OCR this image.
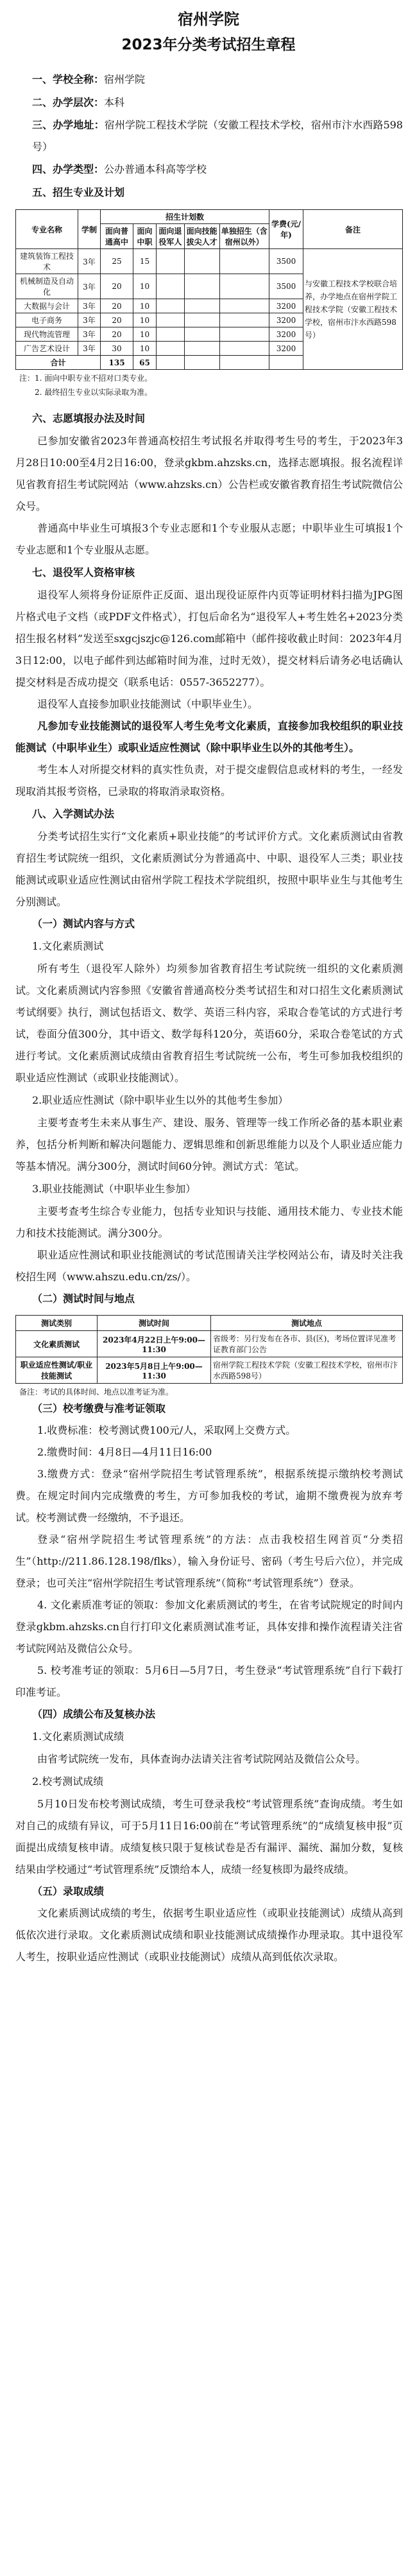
宿州学院
2023年分类考试招生章程
一、学校全称：宿州学院
二、办学层次：本科
三、办学地址：宿州学院工程技术学院（安徽工程技术学校，宿州市汴水西路598号）
四、办学类型：公办普通本科高等学校
五、招生专业及计划
专业名称	学制	招生计划数					学费(元/年)	备注
		面向普通高中	面向中职	面向退役军人	面向技能拔尖人才	单独招生（含宿州以外）		
建筑装饰工程技术	3年	25	15				3500	与安徽工程技术学校联合培养，办学地点在宿州学院工程技术学院（安徽工程技术学校，宿州市汴水西路598号）
机械制造及自动化	3年	20	10				3500	
大数据与会计	3年	20	10				3200	
电子商务	3年	20	10				3200	
现代物流管理	3年	20	10				3200	
广告艺术设计	3年	30	10				3200	
合计		135	65					
注：1. 面向中职专业不招对口类专业。
2. 最终招生专业以实际录取为准。
六、志愿填报办法及时间
已参加安徽省2023年普通高校招生考试报名并取得考生号的考生，于2023年3月28日10:00至4月2日16:00，登录gkbm.ahzsks.cn，选择志愿填报。报名流程详见省教育招生考试院网站（www.ahzsks.cn）公告栏或安徽省教育招生考试院微信公众号。
普通高中毕业生可填报3个专业志愿和1个专业服从志愿；中职毕业生可填报1个专业志愿和1个专业服从志愿。
七、退役军人资格审核
退役军人须将身份证原件正反面、退出现役证原件内页等证明材料扫描为JPG图片格式电子文档（或PDF文件格式），打包后命名为“退役军人+考生姓名+2023分类招生报名材料”发送至sxgcjszjc@126.com邮箱中（邮件接收截止时间：2023年4月3日12:00，以电子邮件到达邮箱时间为准，过时无效），提交材料后请务必电话确认提交材料是否成功提交（联系电话：0557-3652277）。
退役军人直接参加职业技能测试（中职毕业生）。
凡参加专业技能测试的退役军人考生免考文化素质，直接参加我校组织的职业技能测试（中职毕业生）或职业适应性测试（除中职毕业生以外的其他考生）。
考生本人对所提交材料的真实性负责，对于提交虚假信息或材料的考生，一经发现取消其报考资格，已录取的将取消录取资格。
八、入学测试办法
分类考试招生实行“文化素质+职业技能”的考试评价方式。文化素质测试由省教育招生考试院统一组织，文化素质测试分为普通高中、中职、退役军人三类；职业技能测试或职业适应性测试由宿州学院工程技术学院组织，按照中职毕业生与其他考生分别测试。
（一）测试内容与方式
1.文化素质测试
所有考生（退役军人除外）均须参加省教育招生考试院统一组织的文化素质测试。文化素质测试内容参照《安徽省普通高校分类考试招生和对口招生文化素质测试考试纲要》执行，测试包括语文、数学、英语三科内容，采取合卷笔试的方式进行考试，卷面分值300分，其中语文、数学每科120分，英语60分，采取合卷笔试的方式进行考试。文化素质测试成绩由省教育招生考试院统一公布，考生可参加我校组织的职业适应性测试（或职业技能测试）。
2.职业适应性测试（除中职毕业生以外的其他考生参加）
主要考查考生未来从事生产、建设、服务、管理等一线工作所必备的基本职业素养，包括分析判断和解决问题能力、逻辑思维和创新思维能力以及个人职业适应能力等基本情况。满分300分，测试时间60分钟。测试方式：笔试。
3.职业技能测试（中职毕业生参加）
主要考查考生综合专业能力，包括专业知识与技能、通用技术能力、专业技术能力和技术技能测试。满分300分。
职业适应性测试和职业技能测试的考试范围请关注学校网站公布，请及时关注我校招生网（www.ahszu.edu.cn/zs/）。
（二）测试时间与地点
测试类别	测试时间	测试地点
文化素质测试	2023年4月22日上午9:00—11:30	省级考：另行发布在各市、县(区)，考场位置详见准考证教育部门公告
职业适应性测试/职业技能测试	2023年5月8日上午9:00—11:30	宿州学院工程技术学院（安徽工程技术学校，宿州市汴水西路598号）
备注：考试的具体时间、地点以准考证为准。
（三）校考缴费与准考证领取
1.收费标准：校考测试费100元/人，采取网上交费方式。
2.缴费时间：4月8日—4月11日16:00
3.缴费方式：登录“宿州学院招生考试管理系统”，根据系统提示缴纳校考测试费。在规定时间内完成缴费的考生，方可参加我校的考试，逾期不缴费视为放弃考试。校考测试费一经缴纳，不予退还。
登录“宿州学院招生考试管理系统”的方法：点击我校招生网首页“分类招生”（http://211.86.128.198/flks），输入身份证号、密码（考生号后六位），并完成登录；也可关注“宿州学院招生考试管理系统”（简称“考试管理系统”）登录。
4. 文化素质准考证的领取：参加文化素质测试的考生，在省考试院规定的时间内登录gkbm.ahzsks.cn自行打印文化素质测试准考证，具体安排和操作流程请关注省考试院网站及微信公众号。
5. 校考准考证的领取：5月6日—5月7日，考生登录“考试管理系统”自行下载打印准考证。
（四）成绩公布及复核办法
1.文化素质测试成绩
由省考试院统一发布，具体查询办法请关注省考试院网站及微信公众号。
2.校考测试成绩
5月10日发布校考测试成绩，考生可登录我校“考试管理系统”查询成绩。考生如对自己的成绩有异议，可于5月11日16:00前在“考试管理系统”的“成绩复核申报”页面提出成绩复核申请。成绩复核只限于复核试卷是否有漏评、漏统、漏加分数，复核结果由学校通过“考试管理系统”反馈给本人，成绩一经复核即为最终成绩。
（五）录取成绩
文化素质测试成绩的考生，依据考生职业适应性（或职业技能测试）成绩从高到低依次进行录取。文化素质测试成绩和职业技能测试成绩操作办理录取。其中退役军人考生，按职业适应性测试（或职业技能测试）成绩从高到低依次录取。
